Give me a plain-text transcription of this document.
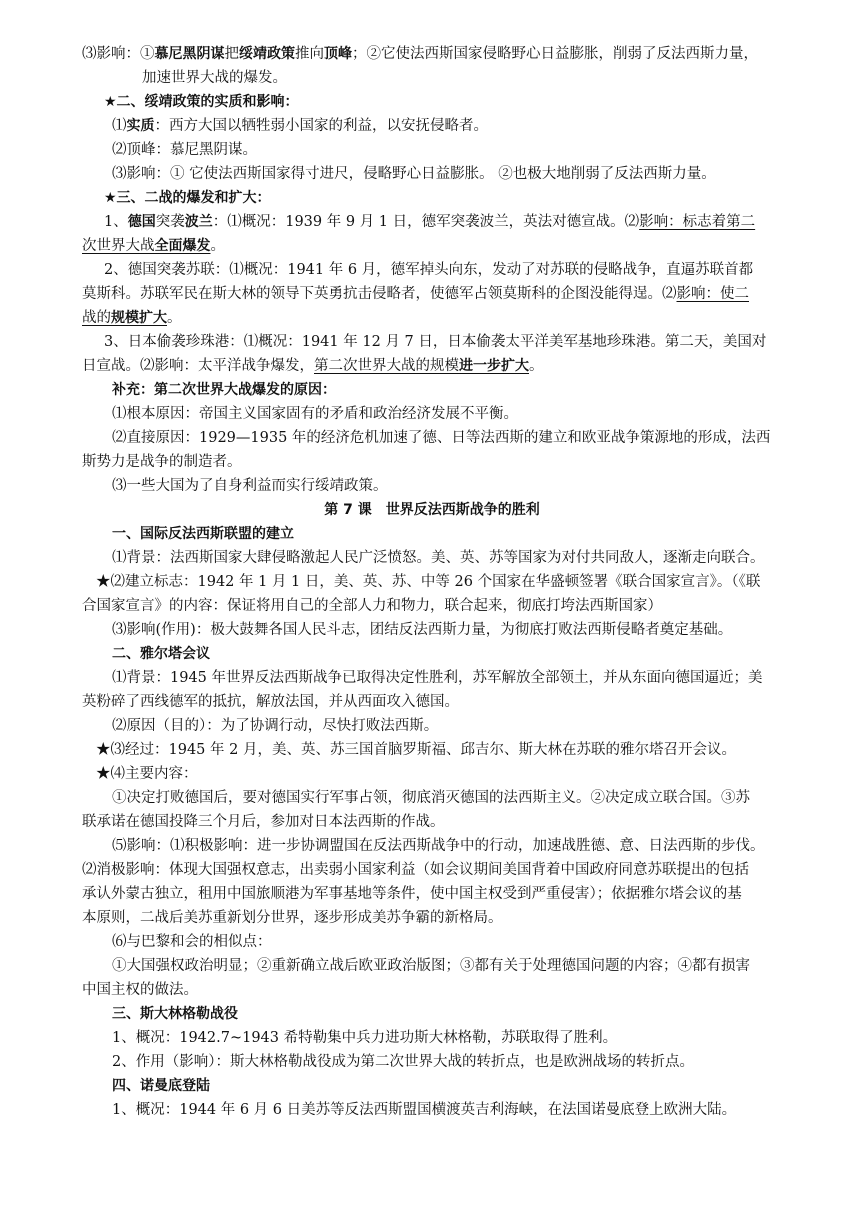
⑶影响：①慕尼黑阴谋把绥靖政策推向顶峰；②它使法西斯国家侵略野心日益膨胀，削弱了反法西斯力量，

加速世界大战的爆发。

★二、绥靖政策的实质和影响：

⑴实质：西方大国以牺牲弱小国家的利益，以安抚侵略者。

⑵顶峰：慕尼黑阴谋。

⑶影响：① 它使法西斯国家得寸进尺，侵略野心日益膨胀。 ②也极大地削弱了反法西斯力量。

★三、二战的爆发和扩大：

1、德国突袭波兰：⑴概况：1939 年 9 月 1 日，德军突袭波兰，英法对德宣战。⑵影响：标志着第二

次世界大战全面爆发。

2、德国突袭苏联：⑴概况：1941 年 6 月，德军掉头向东，发动了对苏联的侵略战争，直逼苏联首都

莫斯科。苏联军民在斯大林的领导下英勇抗击侵略者，使德军占领莫斯科的企图没能得逞。⑵影响：使二

战的规模扩大。

3、日本偷袭珍珠港：⑴概况：1941 年 12 月 7 日，日本偷袭太平洋美军基地珍珠港。第二天，美国对

日宣战。⑵影响：太平洋战争爆发，第二次世界大战的规模进一步扩大。

补充：第二次世界大战爆发的原因：

⑴根本原因：帝国主义国家固有的矛盾和政治经济发展不平衡。

⑵直接原因：1929—1935 年的经济危机加速了德、日等法西斯的建立和欧亚战争策源地的形成，法西

斯势力是战争的制造者。

⑶一些大国为了自身利益而实行绥靖政策。

第 7 课　世界反法西斯战争的胜利

一、国际反法西斯联盟的建立

⑴背景：法西斯国家大肆侵略激起人民广泛愤怒。美、英、苏等国家为对付共同敌人，逐渐走向联合。

★⑵建立标志：1942 年 1 月 1 日，美、英、苏、中等 26 个国家在华盛顿签署《联合国家宣言》。（《联

合国家宣言》的内容：保证将用自己的全部人力和物力，联合起来，彻底打垮法西斯国家）

⑶影响(作用)：极大鼓舞各国人民斗志，团结反法西斯力量，为彻底打败法西斯侵略者奠定基础。

二、雅尔塔会议

⑴背景：1945 年世界反法西斯战争已取得决定性胜利，苏军解放全部领土，并从东面向德国逼近；美

英粉碎了西线德军的抵抗，解放法国，并从西面攻入德国。

⑵原因（目的）：为了协调行动，尽快打败法西斯。

★⑶经过：1945 年 2 月，美、英、苏三国首脑罗斯福、邱吉尔、斯大林在苏联的雅尔塔召开会议。

★⑷主要内容：

①决定打败德国后，要对德国实行军事占领，彻底消灭德国的法西斯主义。②决定成立联合国。③苏

联承诺在德国投降三个月后，参加对日本法西斯的作战。

⑸影响：⑴积极影响：进一步协调盟国在反法西斯战争中的行动，加速战胜德、意、日法西斯的步伐。

⑵消极影响：体现大国强权意志，出卖弱小国家利益（如会议期间美国背着中国政府同意苏联提出的包括

承认外蒙古独立，租用中国旅顺港为军事基地等条件，使中国主权受到严重侵害）；依据雅尔塔会议的基

本原则，二战后美苏重新划分世界，逐步形成美苏争霸的新格局。

⑹与巴黎和会的相似点：

①大国强权政治明显；②重新确立战后欧亚政治版图；③都有关于处理德国问题的内容；④都有损害

中国主权的做法。

三、斯大林格勒战役

1、概况：1942.7~1943 希特勒集中兵力进功斯大林格勒，苏联取得了胜利。

2、作用（影响）：斯大林格勒战役成为第二次世界大战的转折点，也是欧洲战场的转折点。

四、诺曼底登陆

1、概况：1944 年 6 月 6 日美苏等反法西斯盟国横渡英吉利海峡，在法国诺曼底登上欧洲大陆。
